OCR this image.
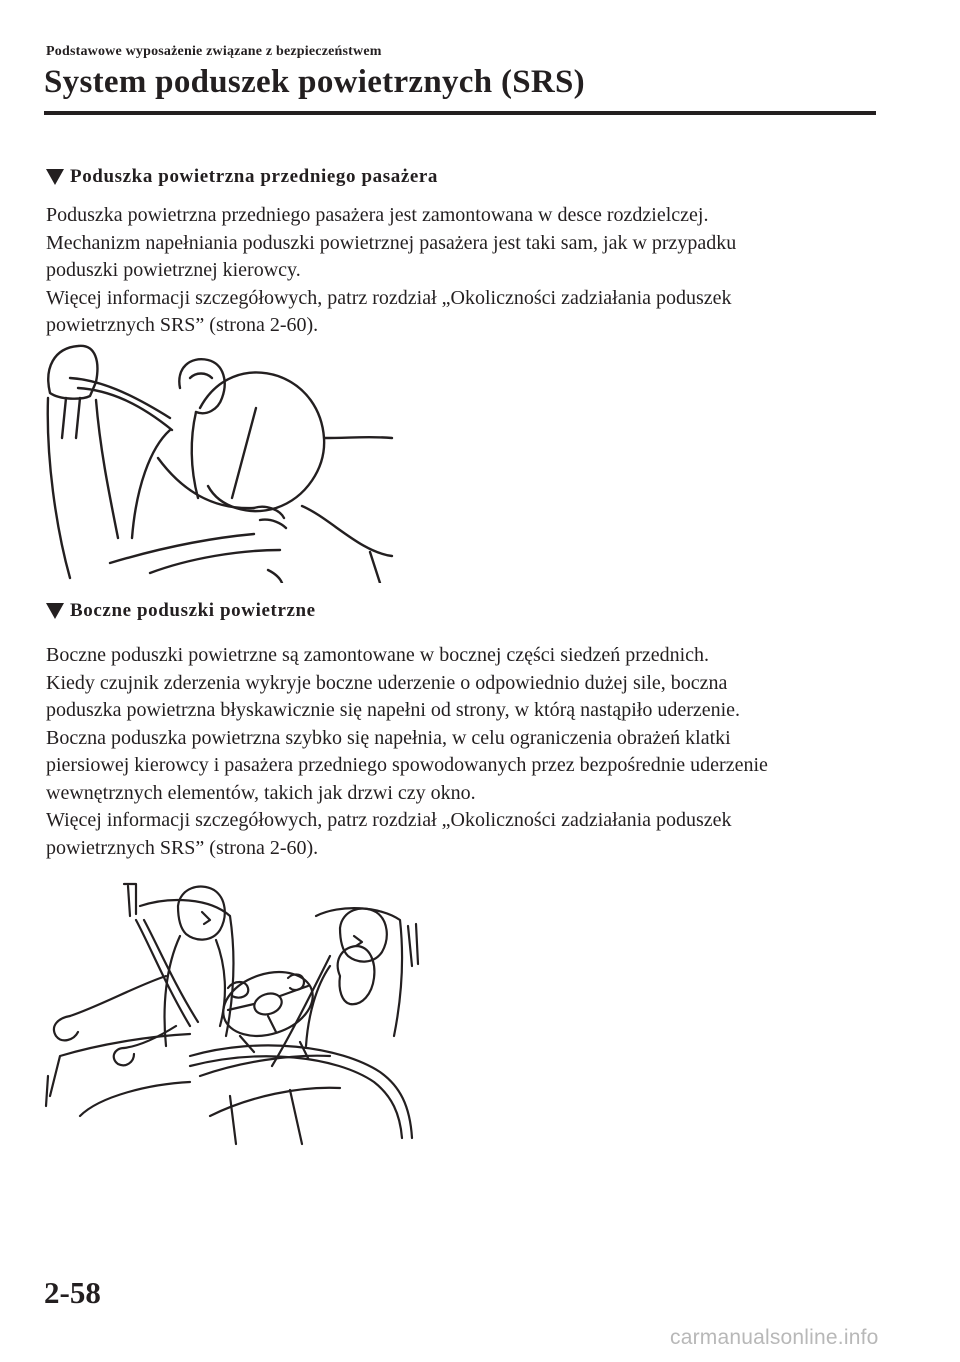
Podstawowe wyposażenie związane z bezpieczeństwem
System poduszek powietrznych (SRS)
Poduszka powietrzna przedniego pasażera
Poduszka powietrzna przedniego pasażera jest zamontowana w desce rozdzielczej.
Mechanizm napełniania poduszki powietrznej pasażera jest taki sam, jak w przypadku
poduszki powietrznej kierowcy.
Więcej informacji szczegółowych, patrz rozdział „Okoliczności zadziałania poduszek
powietrznych SRS” (strona 2-60).
Boczne poduszki powietrzne
Boczne poduszki powietrzne są zamontowane w bocznej części siedzeń przednich.
Kiedy czujnik zderzenia wykryje boczne uderzenie o odpowiednio dużej sile, boczna
poduszka powietrzna błyskawicznie się napełni od strony, w którą nastąpiło uderzenie.
Boczna poduszka powietrzna szybko się napełnia, w celu ograniczenia obrażeń klatki
piersiowej kierowcy i pasażera przedniego spowodowanych przez bezpośrednie uderzenie
wewnętrznych elementów, takich jak drzwi czy okno.
Więcej informacji szczegółowych, patrz rozdział „Okoliczności zadziałania poduszek
powietrznych SRS” (strona 2-60).
2-58
carmanualsonline.info
